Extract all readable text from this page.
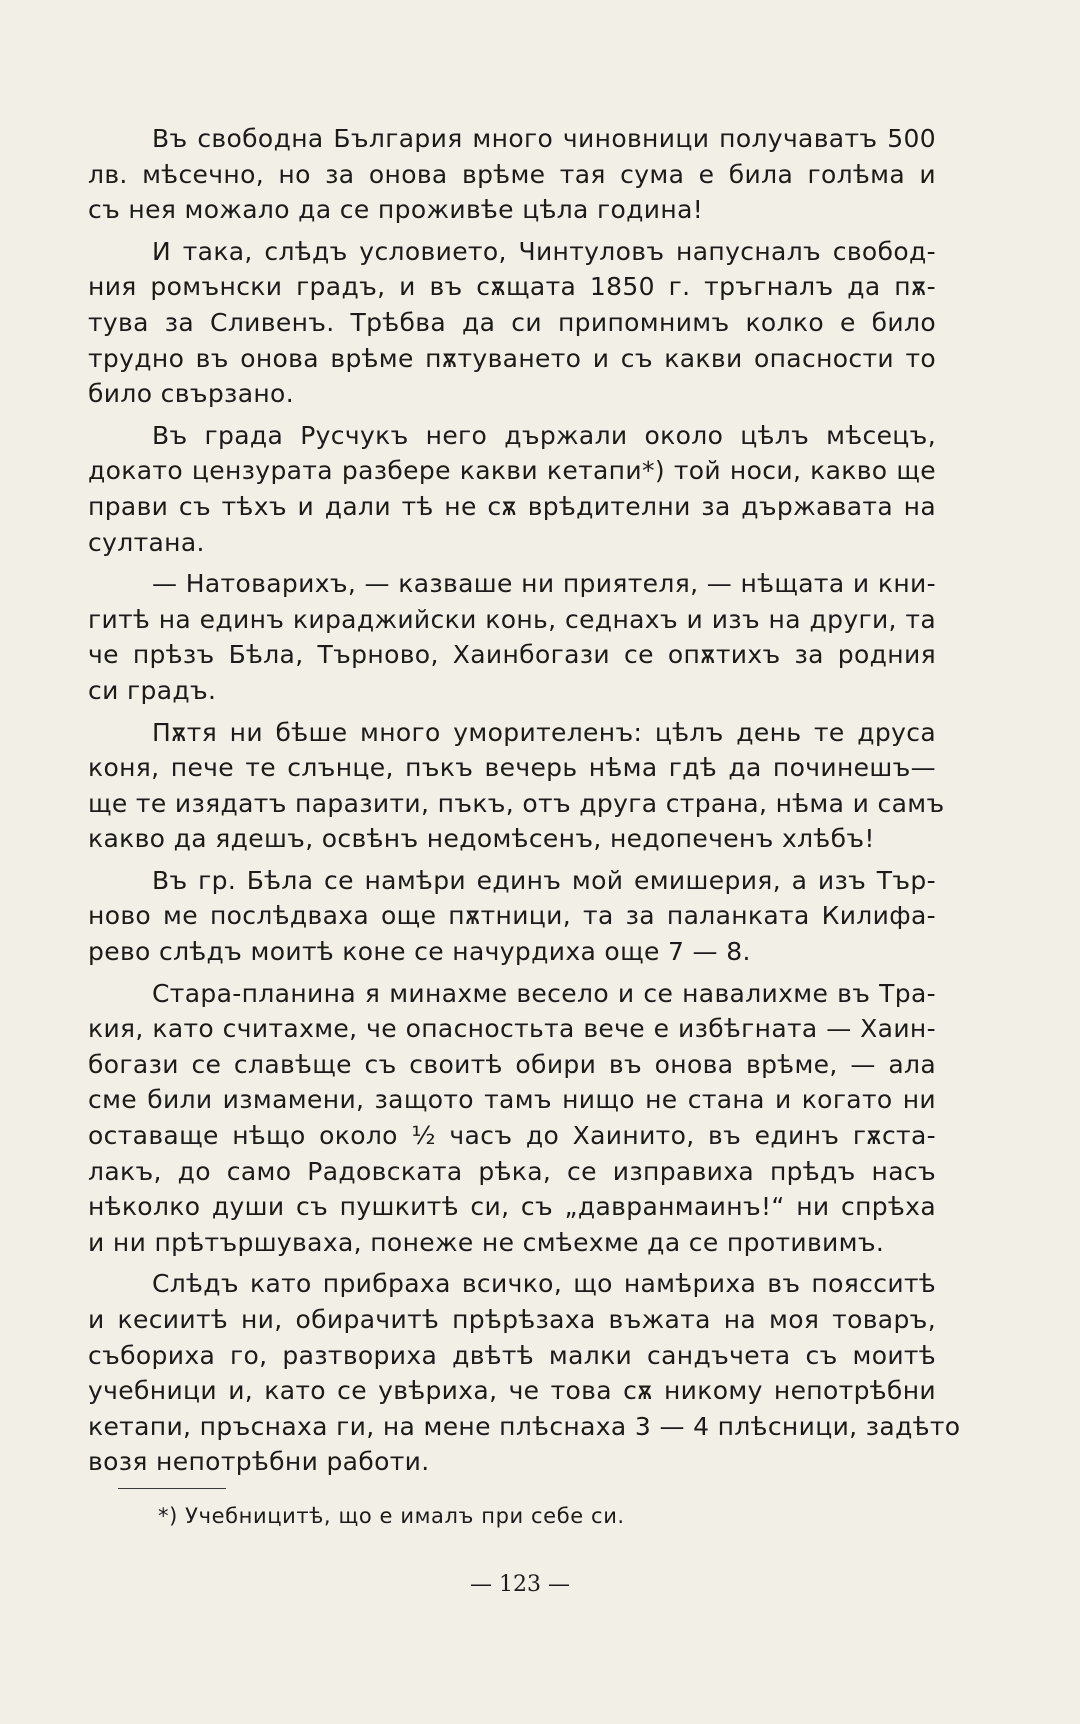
Въ свободна България много чиновници получаватъ 500
лв. мѣсечно, но за онова врѣме тая сума е била голѣма и
съ нея можало да се проживѣе цѣла година!
И така, слѣдъ условието, Чинтуловъ напусналъ свобод-
ния ромънски градъ, и въ сѫщата 1850 г. тръгналъ да пѫ-
тува за Сливенъ. Трѣбва да си припомнимъ колко е било
трудно въ онова врѣме пѫтуването и съ какви опасности то
било свързано.
Въ града Русчукъ него държали около цѣлъ мѣсецъ,
докато цензурата разбере какви кетапи*) той носи, какво ще
прави съ тѣхъ и дали тѣ не сѫ врѣдителни за държавата на
султана.
— Натоварихъ, — казваше ни приятеля, — нѣщата и кни-
гитѣ на единъ кираджийски конь, седнахъ и изъ на други, та
че прѣзъ Бѣла, Търново, Хаинбогази се опѫтихъ за родния
си градъ.
Пѫтя ни бѣше много уморителенъ: цѣлъ день те друса
коня, пече те слънце, пъкъ вечерь нѣма гдѣ да починешъ—
ще те изядатъ паразити, пъкъ, отъ друга страна, нѣма и самъ
какво да ядешъ, освѣнъ недомѣсенъ, недопеченъ хлѣбъ!
Въ гр. Бѣла се намѣри единъ мой емишерия, а изъ Тър-
ново ме послѣдваха още пѫтници, та за паланката Килифа-
рево слѣдъ моитѣ коне се начурдиха още 7 — 8.
Стара-планина я минахме весело и се навалихме въ Тра-
кия, като считахме, че опасностьта вече е избѣгната — Хаин-
богази се славѣще съ своитѣ обири въ онова врѣме, — ала
сме били измамени, защото тамъ нищо не стана и когато ни
оставаще нѣщо около ½ часъ до Хаинито, въ единъ гѫста-
лакъ, до само Радовската рѣка, се изправиха прѣдъ насъ
нѣколко души съ пушкитѣ си, съ „давранмаинъ!“ ни спрѣха
и ни прѣтършуваха, понеже не смѣехме да се противимъ.
Слѣдъ като прибраха всичко, що намѣриха въ поясситѣ
и кесиитѣ ни, обирачитѣ прѣрѣзаха въжата на моя товаръ,
събориха го, разтвориха двѣтѣ малки сандъчета съ моитѣ
учебници и, като се увѣриха, че това сѫ никому непотрѣбни
кетапи, пръснаха ги, на мене плѣснаха 3 — 4 плѣсници, задѣто
возя непотрѣбни работи.
*) Учебницитѣ, що е ималъ при себе си.
— 123 —
